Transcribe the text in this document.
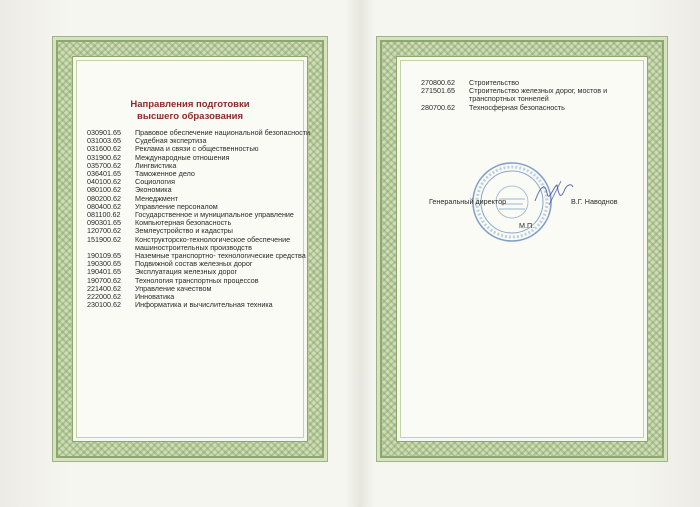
Направления подготовки
высшего образования
030901.65	Правовое обеспечение национальной безопасности
031003.65	Судебная экспертиза
031600.62	Реклама и связи с общественностью
031900.62	Международные отношения
035700.62	Лингвистика
036401.65	Таможенное дело
040100.62	Социология
080100.62	Экономика
080200.62	Менеджмент
080400.62	Управление персоналом
081100.62	Государственное и муниципальное управление
090301.65	Компьютерная безопасность
120700.62	Землеустройство и кадастры
151900.62	Конструкторско-технологическое обеспечение машиностроительных производств
190109.65	Наземные транспортно- технологические средства
190300.65	Подвижной состав железных дорог
190401.65	Эксплуатация железных дорог
190700.62	Технология транспортных процессов
221400.62	Управление качеством
222000.62	Инноватика
230100.62	Информатика и вычислительная техника
270800.62	Строительство
271501.65	Строительство железных дорог, мостов и транспортных тоннелей
280700.62	Техносферная безопасность
Генеральный директор	В.Г. Наводнов
М.П.
